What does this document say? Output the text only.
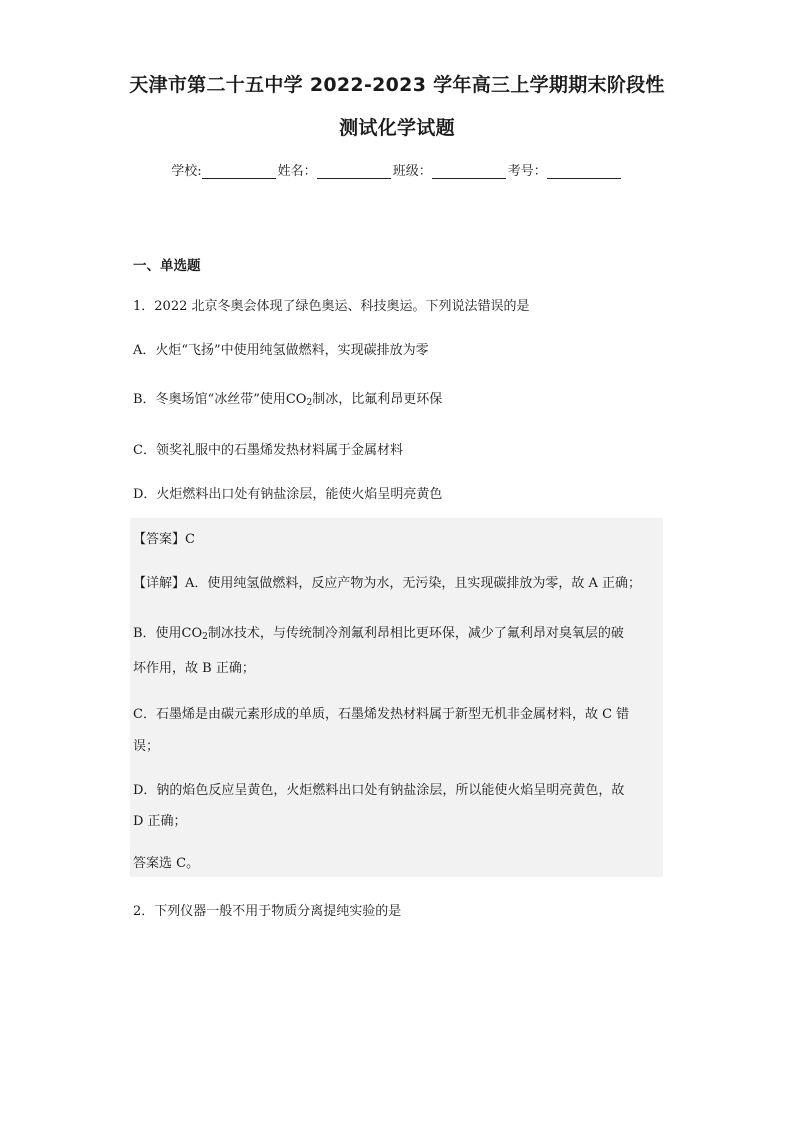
天津市第二十五中学 2022-2023 学年高三上学期期末阶段性
测试化学试题
学校:	姓名：	班级：	考号：
一、单选题
1．2022 北京冬奥会体现了绿色奥运、科技奥运。下列说法错误的是
A．火炬“飞扬”中使用纯氢做燃料，实现碳排放为零
B．冬奥场馆“冰丝带”使用$CO_2$制冰，比氟利昂更环保
C．领奖礼服中的石墨烯发热材料属于金属材料
D．火炬燃料出口处有钠盐涂层，能使火焰呈明亮黄色
【答案】C
【详解】A．使用纯氢做燃料，反应产物为水，无污染，且实现碳排放为零，故 A 正确；
B．使用$CO_2$制冰技术，与传统制冷剂氟利昂相比更环保，减少了氟利昂对臭氧层的破
坏作用，故 B 正确；
C．石墨烯是由碳元素形成的单质，石墨烯发热材料属于新型无机非金属材料，故 C 错
误；
D．钠的焰色反应呈黄色，火炬燃料出口处有钠盐涂层，所以能使火焰呈明亮黄色，故
D 正确；
答案选 C。
2．下列仪器一般不用于物质分离提纯实验的是
